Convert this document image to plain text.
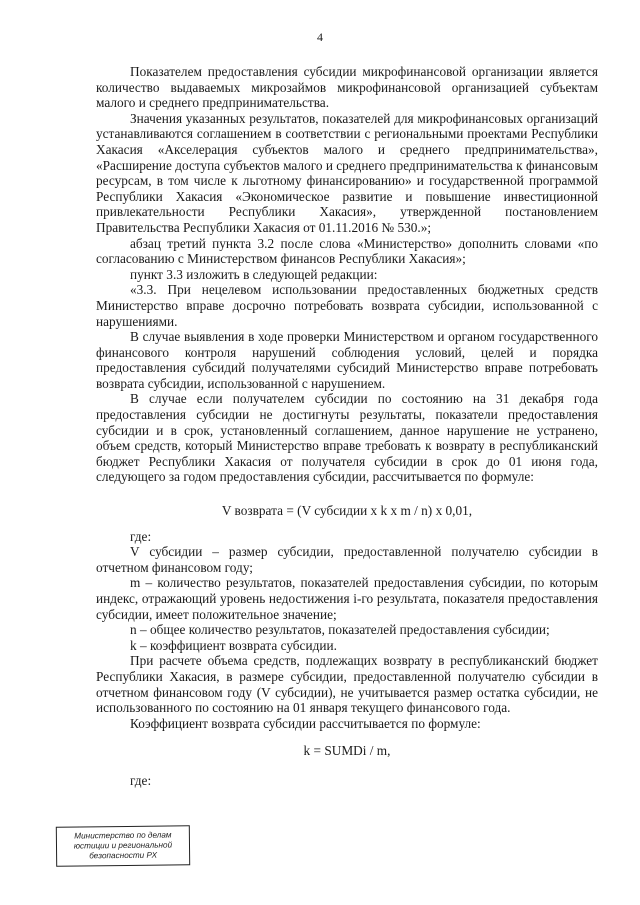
4

Показателем предоставления субсидии микрофинансовой организации является количество выдаваемых микрозаймов микрофинансовой организацией субъектам малого и среднего предпринимательства.

Значения указанных результатов, показателей для микрофинансовых организаций устанавливаются соглашением в соответствии с региональными проектами Республики Хакасия «Акселерация субъектов малого и среднего предпринимательства», «Расширение доступа субъектов малого и среднего предпринимательства к финансовым ресурсам, в том числе к льготному финансированию» и государственной программой Республики Хакасия «Экономическое развитие и повышение инвестиционной привлекательности Республики Хакасия», утвержденной постановлением Правительства Республики Хакасия от 01.11.2016 № 530.»;

абзац третий пункта 3.2 после слова «Министерство» дополнить словами «по согласованию с Министерством финансов Республики Хакасия»;

пункт 3.3 изложить в следующей редакции:

«3.3. При нецелевом использовании предоставленных бюджетных средств Министерство вправе досрочно потребовать возврата субсидии, использованной с нарушениями.

В случае выявления в ходе проверки Министерством и органом государственного финансового контроля нарушений соблюдения условий, целей и порядка предоставления субсидий получателями субсидий Министерство вправе потребовать возврата субсидии, использованной с нарушением.

В случае если получателем субсидии по состоянию на 31 декабря года предоставления субсидии не достигнуты результаты, показатели предоставления субсидии и в срок, установленный соглашением, данное нарушение не устранено, объем средств, который Министерство вправе требовать к возврату в республиканский бюджет Республики Хакасия от получателя субсидии в срок до 01 июня года, следующего за годом предоставления субсидии, рассчитывается по формуле:

V возврата = (V субсидии x k x m / n) x 0,01,

где:

V субсидии – размер субсидии, предоставленной получателю субсидии в отчетном финансовом году;

m – количество результатов, показателей предоставления субсидии, по которым индекс, отражающий уровень недостижения i-го результата, показателя предоставления субсидии, имеет положительное значение;

n – общее количество результатов, показателей предоставления субсидии;

k – коэффициент возврата субсидии.

При расчете объема средств, подлежащих возврату в республиканский бюджет Республики Хакасия, в размере субсидии, предоставленной получателю субсидии в отчетном финансовом году (V субсидии), не учитывается размер остатка субсидии, не использованного по состоянию на 01 января текущего финансового года.

Коэффициент возврата субсидии рассчитывается по формуле:

k = SUMDi / m,

где:

Министерство по делам
юстиции и региональной
безопасности РХ
